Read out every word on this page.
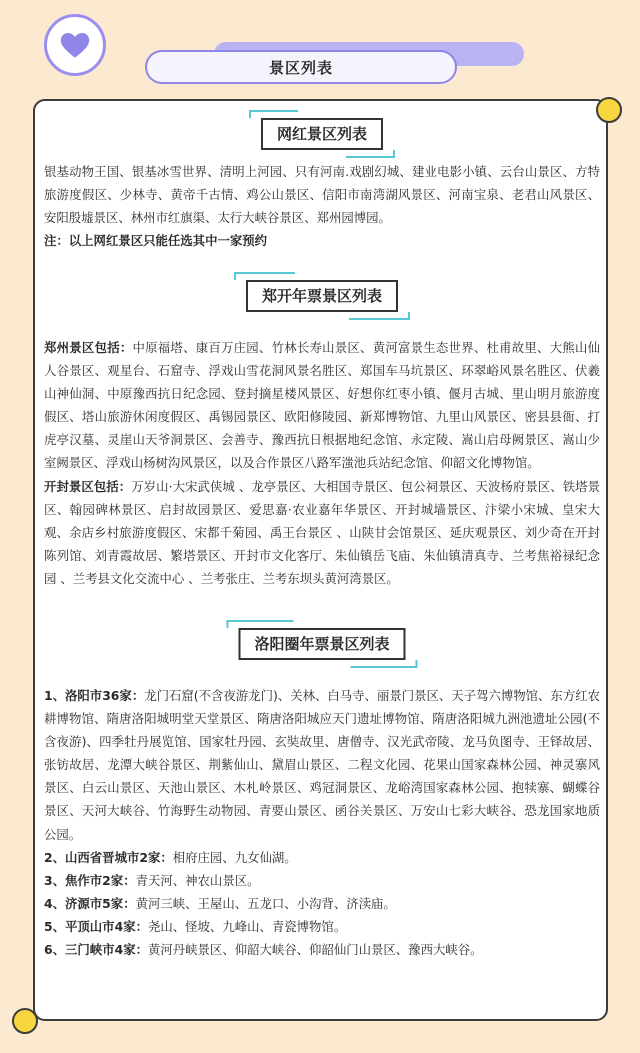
景区列表
网红景区列表

银基动物王国、银基冰雪世界、清明上河园、只有河南.戏剧幻城、建业电影小镇、云台山景区、方特旅游度假区、少林寺、黄帝千古情、鸡公山景区、信阳市南湾湖风景区、河南宝泉、老君山风景区、安阳殷墟景区、林州市红旗渠、太行大峡谷景区、郑州园博园。

注：以上网红景区只能任选其中一家预约

郑开年票景区列表

郑州景区包括：中原福塔、康百万庄园、竹林长寿山景区、黄河富景生态世界、杜甫故里、大熊山仙人谷景区、观星台、石窟寺、浮戏山雪花洞风景名胜区、郑国车马坑景区、环翠峪风景名胜区、伏羲山神仙洞、中原豫西抗日纪念园、登封摘星楼风景区、好想你红枣小镇、偃月古城、里山明月旅游度假区、塔山旅游休闲度假区、禹锡园景区、欧阳修陵园、新郑博物馆、九里山风景区、密县县衙、打虎亭汉墓、灵崖山天爷洞景区、会善寺、豫西抗日根据地纪念馆、永定陵、嵩山启母阙景区、嵩山少室阙景区、浮戏山杨树沟风景区，以及合作景区八路军滍池兵站纪念馆、仰韶文化博物馆。

开封景区包括：万岁山·大宋武侠城 、龙亭景区、大相国寺景区、包公祠景区、天波杨府景区、铁塔景区、翰园碑林景区、启封故园景区、爱思嘉·农业嘉年华景区、开封城墙景区、汴梁小宋城、皇宋大观、余店乡村旅游度假区、宋都千菊园、禹王台景区 、山陕甘会馆景区、延庆观景区、刘少奇在开封陈列馆、刘青霞故居、繁塔景区、开封市文化客厅、朱仙镇岳飞庙、朱仙镇清真寺、兰考焦裕禄纪念园 、兰考县文化交流中心 、兰考张庄、兰考东坝头黄河湾景区。

洛阳圈年票景区列表

1、洛阳市36家：龙门石窟(不含夜游龙门)、关林、白马寺、丽景门景区、天子驾六博物馆、东方红农耕博物馆、隋唐洛阳城明堂天堂景区、隋唐洛阳城应天门遗址博物馆、隋唐洛阳城九洲池遗址公园(不含夜游)、四季牡丹展览馆、国家牡丹园、玄奘故里、唐僧寺、汉光武帝陵、龙马负图寺、王铎故居、张钫故居、龙潭大峡谷景区、荆紫仙山、黛眉山景区、二程文化园、花果山国家森林公园、神灵寨风景区、白云山景区、天池山景区、木札岭景区、鸡冠洞景区、龙峪湾国家森林公园、抱犊寨、蝴蝶谷景区、天河大峡谷、竹海野生动物园、青要山景区、函谷关景区、万安山七彩大峡谷、恐龙国家地质公园。

2、山西省晋城市2家：相府庄园、九女仙湖。

3、焦作市2家：青天河、神农山景区。

4、济源市5家：黄河三峡、王屋山、五龙口、小沟背、济渎庙。

5、平顶山市4家：尧山、怪坡、九峰山、青瓷博物馆。

6、三门峡市4家：黄河丹峡景区、仰韶大峡谷、仰韶仙门山景区、豫西大峡谷。
